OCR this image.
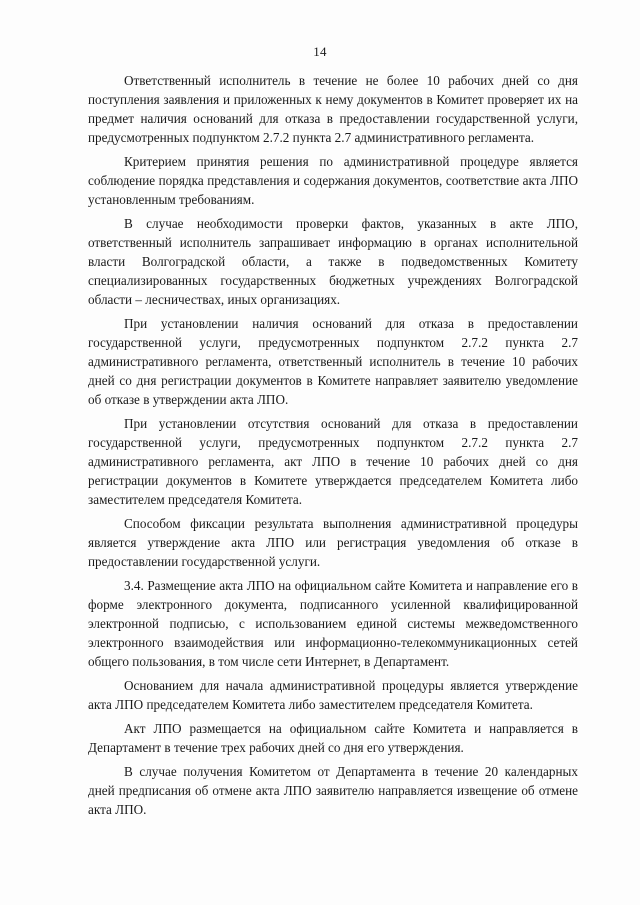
14

Ответственный исполнитель в течение не более 10 рабочих дней со дня поступления заявления и приложенных к нему документов в Комитет проверяет их на предмет наличия оснований для отказа в предоставлении государственной услуги, предусмотренных подпунктом 2.7.2 пункта 2.7 административного регламента.

Критерием принятия решения по административной процедуре является соблюдение порядка представления и содержания документов, соответствие акта ЛПО установленным требованиям.

В случае необходимости проверки фактов, указанных в акте ЛПО, ответственный исполнитель запрашивает информацию в органах исполнительной власти Волгоградской области, а также в подведомственных Комитету специализированных государственных бюджетных учреждениях Волгоградской области – лесничествах, иных организациях.

При установлении наличия оснований для отказа в предоставлении государственной услуги, предусмотренных подпунктом 2.7.2 пункта 2.7 административного регламента, ответственный исполнитель в течение 10 рабочих дней со дня регистрации документов в Комитете направляет заявителю уведомление об отказе в утверждении акта ЛПО.

При установлении отсутствия оснований для отказа в предоставлении государственной услуги, предусмотренных подпунктом 2.7.2 пункта 2.7 административного регламента, акт ЛПО в течение 10 рабочих дней со дня регистрации документов в Комитете утверждается председателем Комитета либо заместителем председателя Комитета.

Способом фиксации результата выполнения административной процедуры является утверждение акта ЛПО или регистрация уведомления об отказе в предоставлении государственной услуги.

3.4. Размещение акта ЛПО на официальном сайте Комитета и направление его в форме электронного документа, подписанного усиленной квалифицированной электронной подписью, с использованием единой системы межведомственного электронного взаимодействия или информационно-телекоммуникационных сетей общего пользования, в том числе сети Интернет, в Департамент.

Основанием для начала административной процедуры является утверждение акта ЛПО председателем Комитета либо заместителем председателя Комитета.

Акт ЛПО размещается на официальном сайте Комитета и направляется в Департамент в течение трех рабочих дней со дня его утверждения.

В случае получения Комитетом от Департамента в течение 20 календарных дней предписания об отмене акта ЛПО заявителю направляется извещение об отмене акта ЛПО.
